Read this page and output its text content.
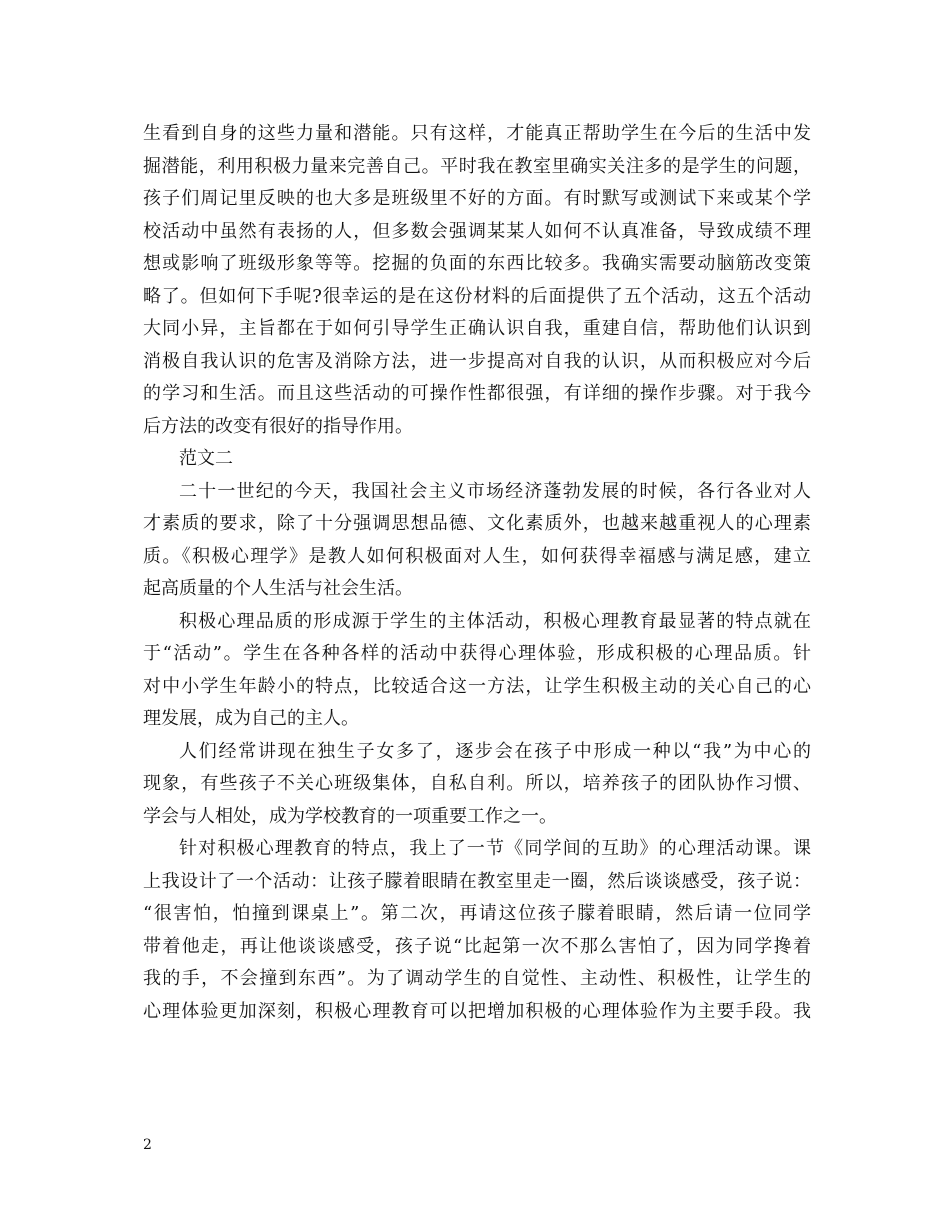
生看到自身的这些力量和潜能。只有这样，才能真正帮助学生在今后的生活中发
掘潜能，利用积极力量来完善自己。平时我在教室里确实关注多的是学生的问题，
孩子们周记里反映的也大多是班级里不好的方面。有时默写或测试下来或某个学
校活动中虽然有表扬的人，但多数会强调某某人如何不认真准备，导致成绩不理
想或影响了班级形象等等。挖掘的负面的东西比较多。我确实需要动脑筋改变策
略了。但如何下手呢?很幸运的是在这份材料的后面提供了五个活动，这五个活动
大同小异，主旨都在于如何引导学生正确认识自我，重建自信，帮助他们认识到
消极自我认识的危害及消除方法，进一步提高对自我的认识，从而积极应对今后
的学习和生活。而且这些活动的可操作性都很强，有详细的操作步骤。对于我今
后方法的改变有很好的指导作用。
范文二
二十一世纪的今天，我国社会主义市场经济蓬勃发展的时候，各行各业对人
才素质的要求，除了十分强调思想品德、文化素质外，也越来越重视人的心理素
质。《积极心理学》是教人如何积极面对人生，如何获得幸福感与满足感，建立
起高质量的个人生活与社会生活。
积极心理品质的形成源于学生的主体活动，积极心理教育最显著的特点就在
于“活动”。学生在各种各样的活动中获得心理体验，形成积极的心理品质。针
对中小学生年龄小的特点，比较适合这一方法，让学生积极主动的关心自己的心
理发展，成为自己的主人。
人们经常讲现在独生子女多了，逐步会在孩子中形成一种以“我”为中心的
现象，有些孩子不关心班级集体，自私自利。所以，培养孩子的团队协作习惯、
学会与人相处，成为学校教育的一项重要工作之一。
针对积极心理教育的特点，我上了一节《同学间的互助》的心理活动课。课
上我设计了一个活动：让孩子朦着眼睛在教室里走一圈，然后谈谈感受，孩子说：
“很害怕，怕撞到课桌上”。第二次，再请这位孩子朦着眼睛，然后请一位同学
带着他走，再让他谈谈感受，孩子说“比起第一次不那么害怕了，因为同学搀着
我的手，不会撞到东西”。为了调动学生的自觉性、主动性、积极性，让学生的
心理体验更加深刻，积极心理教育可以把增加积极的心理体验作为主要手段。我
2
